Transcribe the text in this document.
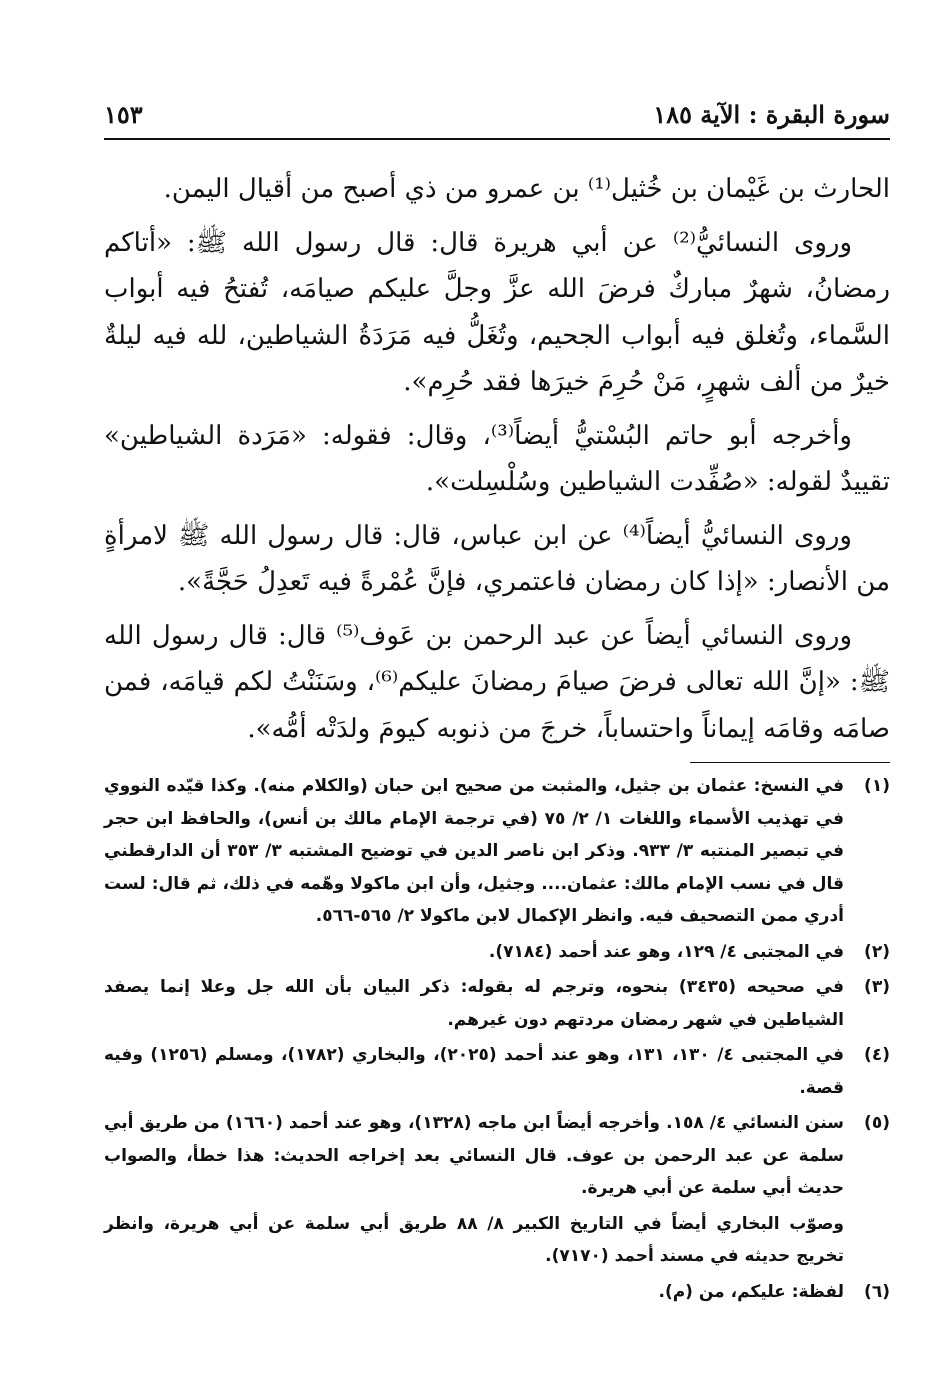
سورة البقرة : الآية ١٨٥
١٥٣

الحارث بن غَيْمان بن خُثيل⁽¹⁾ بن عمرو من ذي أصبح من أقيال اليمن.

وروى النسائيُّ⁽²⁾ عن أبي هريرة قال: قال رسول الله ﷺ: «أتاكم رمضانُ، شهرٌ مباركٌ فرضَ الله عزَّ وجلَّ عليكم صيامَه، تُفتحُ فيه أبواب السَّماء، وتُغلق فيه أبواب الجحيم، وتُغَلُّ فيه مَرَدَةُ الشياطين، لله فيه ليلةٌ خيرٌ من ألف شهرٍ، مَنْ حُرِمَ خيرَها فقد حُرِم».

وأخرجه أبو حاتم البُسْتيُّ أيضاً⁽³⁾، وقال: فقوله: «مَرَدة الشياطين» تقييدٌ لقوله: «صُفِّدت الشياطين وسُلْسِلت».

وروى النسائيُّ أيضاً⁽⁴⁾ عن ابن عباس، قال: قال رسول الله ﷺ لامرأةٍ من الأنصار: «إذا كان رمضان فاعتمري، فإنَّ عُمْرةً فيه تَعدِلُ حَجَّةً».

وروى النسائي أيضاً عن عبد الرحمن بن عَوف⁽⁵⁾ قال: قال رسول الله ﷺ: «إنَّ الله تعالى فرضَ صيامَ رمضانَ عليكم⁽⁶⁾، وسَنَنْتُ لكم قيامَه، فمن صامَه وقامَه إيماناً واحتساباً، خرجَ من ذنوبه كيومَ ولدَتْه أمُّه».

(١)
في النسخ: عثمان بن جثيل، والمثبت من صحيح ابن حبان (والكلام منه). وكذا قيّده النووي في تهذيب الأسماء واللغات ١/ ٢/ ٧٥ (في ترجمة الإمام مالك بن أنس)، والحافظ ابن حجر في تبصير المنتبه ٣/ ٩٣٣. وذكر ابن ناصر الدين في توضيح المشتبه ٣/ ٣٥٣ أن الدارقطني قال في نسب الإمام مالك: عثمان.... وجثيل، وأن ابن ماكولا وهّمه في ذلك، ثم قال: لست أدري ممن التصحيف فيه. وانظر الإكمال لابن ماكولا ٢/ ٥٦٥-٥٦٦.
(٢)
في المجتبى ٤/ ١٢٩، وهو عند أحمد (٧١٨٤).
(٣)
في صحيحه (٣٤٣٥) بنحوه، وترجم له بقوله: ذكر البيان بأن الله جل وعلا إنما يصفد الشياطين في شهر رمضان مردتهم دون غيرهم.
(٤)
في المجتبى ٤/ ١٣٠، ١٣١، وهو عند أحمد (٢٠٢٥)، والبخاري (١٧٨٢)، ومسلم (١٢٥٦) وفيه قصة.
(٥)
سنن النسائي ٤/ ١٥٨. وأخرجه أيضاً ابن ماجه (١٣٢٨)، وهو عند أحمد (١٦٦٠) من طريق أبي سلمة عن عبد الرحمن بن عوف. قال النسائي بعد إخراجه الحديث: هذا خطأ، والصواب حديث أبي سلمة عن أبي هريرة.
وصوّب البخاري أيضاً في التاريخ الكبير ٨/ ٨٨ طريق أبي سلمة عن أبي هريرة، وانظر تخريج حديثه في مسند أحمد (٧١٧٠).
(٦)
لفظة: عليكم، من (م).
